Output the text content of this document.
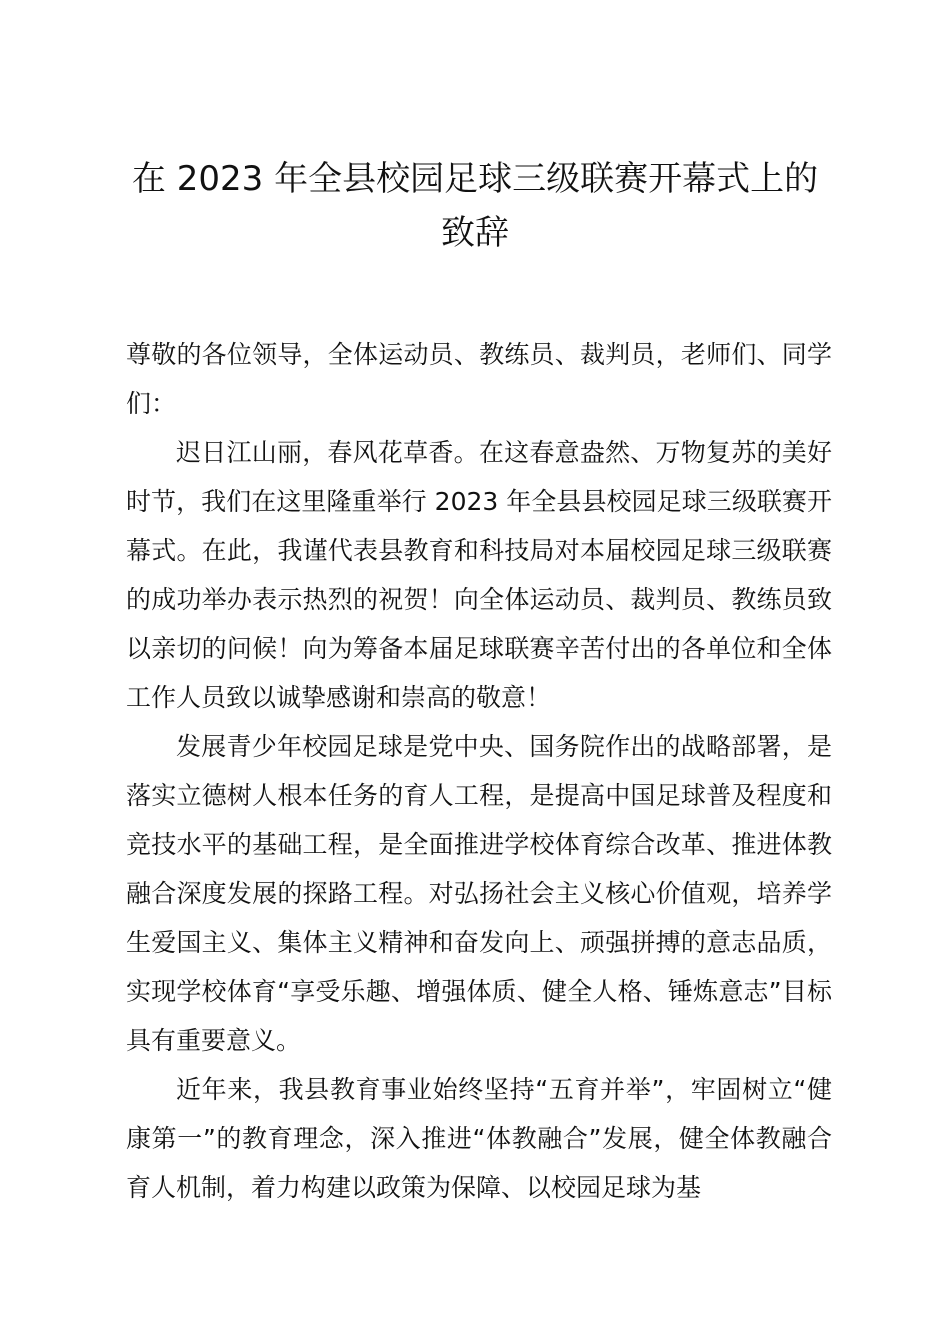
在 2023 年全县校园足球三级联赛开幕式上的致辞

尊敬的各位领导，全体运动员、教练员、裁判员，老师们、同学们：

迟日江山丽，春风花草香。在这春意盎然、万物复苏的美好时节，我们在这里隆重举行 2023 年全县县校园足球三级联赛开幕式。在此，我谨代表县教育和科技局对本届校园足球三级联赛的成功举办表示热烈的祝贺！向全体运动员、裁判员、教练员致以亲切的问候！向为筹备本届足球联赛辛苦付出的各单位和全体工作人员致以诚挚感谢和崇高的敬意！

发展青少年校园足球是党中央、国务院作出的战略部署，是落实立德树人根本任务的育人工程，是提高中国足球普及程度和竞技水平的基础工程，是全面推进学校体育综合改革、推进体教融合深度发展的探路工程。对弘扬社会主义核心价值观，培养学生爱国主义、集体主义精神和奋发向上、顽强拼搏的意志品质，实现学校体育“享受乐趣、增强体质、健全人格、锤炼意志”目标具有重要意义。

近年来，我县教育事业始终坚持“五育并举”，牢固树立“健康第一”的教育理念，深入推进“体教融合”发展，健全体教融合育人机制，着力构建以政策为保障、以校园足球为基
